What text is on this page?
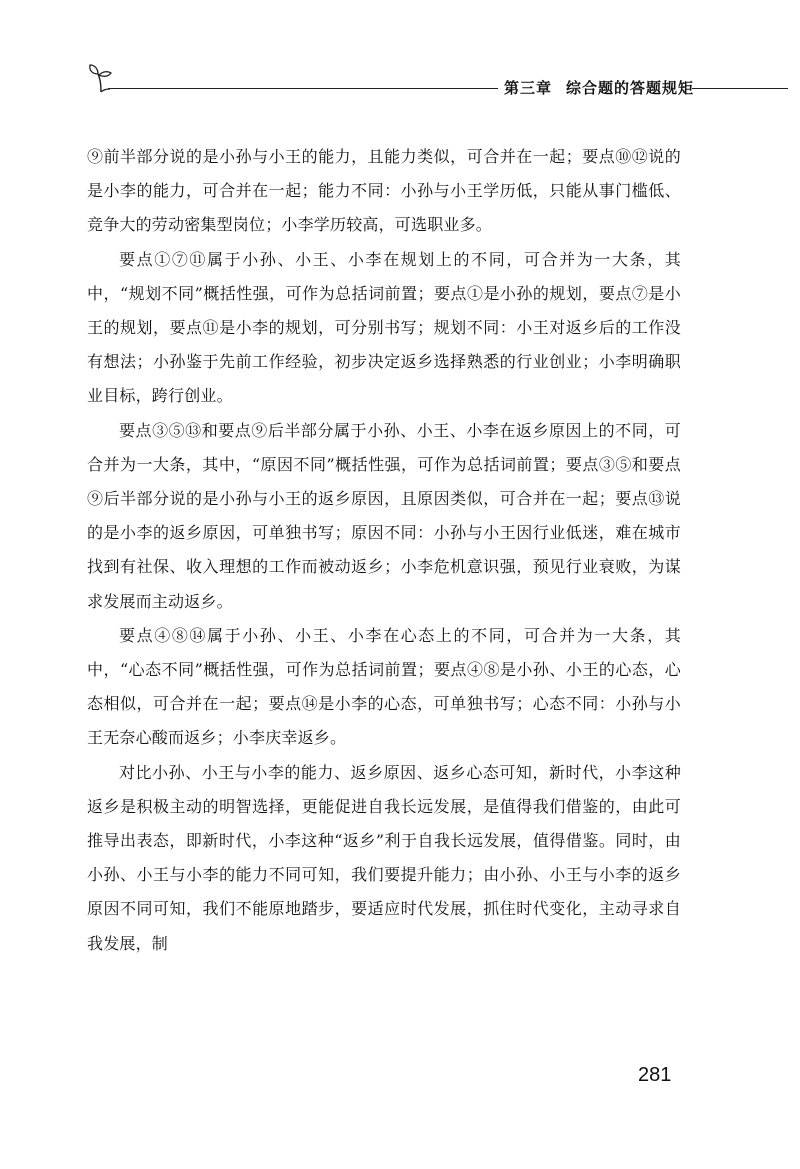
第三章 综合题的答题规矩

⑨前半部分说的是小孙与小王的能力，且能力类似，可合并在一起；要点⑩⑫说的是小李的能力，可合并在一起；能力不同：小孙与小王学历低，只能从事门槛低、竞争大的劳动密集型岗位；小李学历较高，可选职业多。

要点①⑦⑪属于小孙、小王、小李在规划上的不同，可合并为一大条，其中，“规划不同”概括性强，可作为总括词前置；要点①是小孙的规划，要点⑦是小王的规划，要点⑪是小李的规划，可分别书写；规划不同：小王对返乡后的工作没有想法；小孙鉴于先前工作经验，初步决定返乡选择熟悉的行业创业；小李明确职业目标，跨行创业。

要点③⑤⑬和要点⑨后半部分属于小孙、小王、小李在返乡原因上的不同，可合并为一大条，其中，“原因不同”概括性强，可作为总括词前置；要点③⑤和要点⑨后半部分说的是小孙与小王的返乡原因，且原因类似，可合并在一起；要点⑬说的是小李的返乡原因，可单独书写；原因不同：小孙与小王因行业低迷，难在城市找到有社保、收入理想的工作而被动返乡；小李危机意识强，预见行业衰败，为谋求发展而主动返乡。

要点④⑧⑭属于小孙、小王、小李在心态上的不同，可合并为一大条，其中，“心态不同”概括性强，可作为总括词前置；要点④⑧是小孙、小王的心态，心态相似，可合并在一起；要点⑭是小李的心态，可单独书写；心态不同：小孙与小王无奈心酸而返乡；小李庆幸返乡。

对比小孙、小王与小李的能力、返乡原因、返乡心态可知，新时代，小李这种返乡是积极主动的明智选择，更能促进自我长远发展，是值得我们借鉴的，由此可推导出表态，即新时代，小李这种“返乡”利于自我长远发展，值得借鉴。同时，由小孙、小王与小李的能力不同可知，我们要提升能力；由小孙、小王与小李的返乡原因不同可知，我们不能原地踏步，要适应时代发展，抓住时代变化，主动寻求自我发展，制

281
